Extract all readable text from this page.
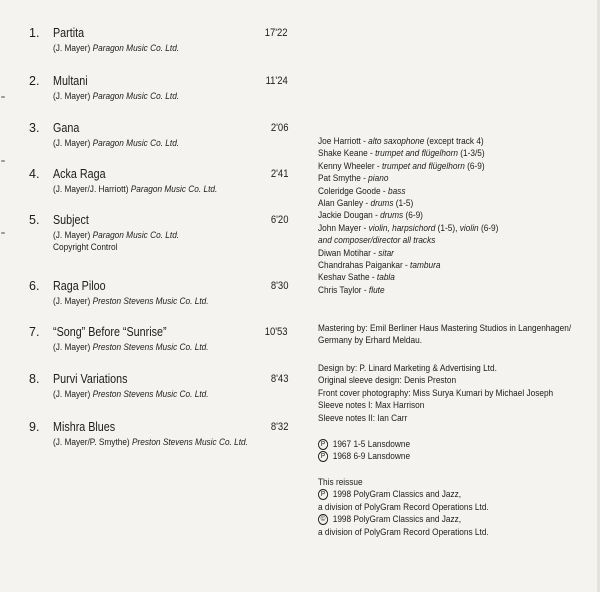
1. Partita	17'22
(J. Mayer) Paragon Music Co. Ltd.
2. Multani	11'24
(J. Mayer) Paragon Music Co. Ltd.
3. Gana	2'06
(J. Mayer) Paragon Music Co. Ltd.
4. Acka Raga	2'41
(J. Mayer/J. Harriott) Paragon Music Co. Ltd.
5. Subject	6'20
(J. Mayer) Paragon Music Co. Ltd.
Copyright Control
6. Raga Piloo	8'30
(J. Mayer) Preston Stevens Music Co. Ltd.
7. “Song” Before “Sunrise”	10'53
(J. Mayer) Preston Stevens Music Co. Ltd.
8. Purvi Variations	8'43
(J. Mayer) Preston Stevens Music Co. Ltd.
9. Mishra Blues	8'32
(J. Mayer/P. Smythe) Preston Stevens Music Co. Ltd.
Joe Harriott - alto saxophone (except track 4)
Shake Keane - trumpet and flügelhorn (1-3/5)
Kenny Wheeler - trumpet and flügelhorn (6-9)
Pat Smythe - piano
Coleridge Goode - bass
Alan Ganley - drums (1-5)
Jackie Dougan - drums (6-9)
John Mayer - violin, harpsichord (1-5), violin (6-9)
and composer/director all tracks
Diwan Motihar - sitar
Chandrahas Paigankar - tambura
Keshav Sathe - tabla
Chris Taylor - flute
Mastering by: Emil Berliner Haus Mastering Studios in Langenhagen/
Germany by Erhard Meldau.
Design by: P. Linard Marketing & Advertising Ltd.
Original sleeve design: Denis Preston
Front cover photography: Miss Surya Kumari by Michael Joseph
Sleeve notes I: Max Harrison
Sleeve notes II: Ian Carr
P 1967 1-5 Lansdowne
P 1968 6-9 Lansdowne
This reissue
P 1998 PolyGram Classics and Jazz,
a division of PolyGram Record Operations Ltd.
© 1998 PolyGram Classics and Jazz,
a division of PolyGram Record Operations Ltd.
